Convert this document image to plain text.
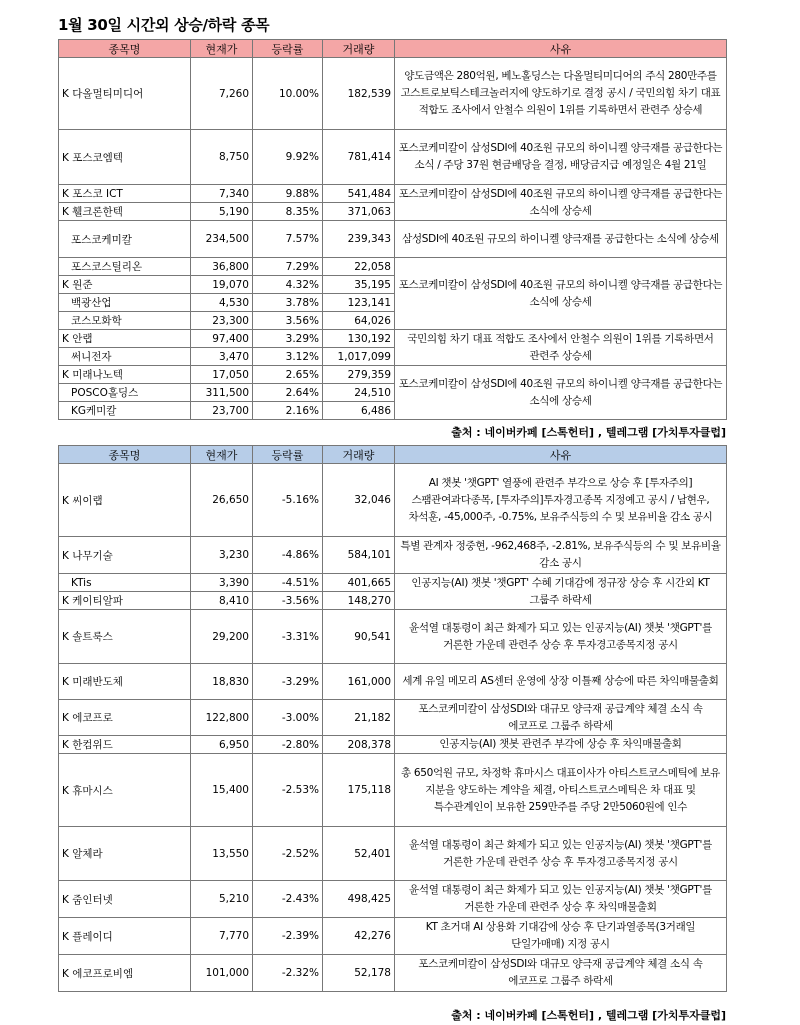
1월 30일 시간외 상승/하락 종목
종목명	현재가	등락률	거래량	사유
K 다올멀티미디어	7,260	10.00%	182,539	양도금액은 280억원, 베노홀딩스는 다올멀티미디어의 주식 280만주를 고스트로보틱스테크놀러지에 양도하기로 결정 공시 / 국민의힘 차기 대표 적합도 조사에서 안철수 의원이 1위를 기록하면서 관련주 상승세
K 포스코엠텍	8,750	9.92%	781,414	포스코케미칼이 삼성SDI에 40조원 규모의 하이니켈 양극재를 공급한다는 소식 / 주당 37원 현금배당을 결정, 배당금지급 예정일은 4월 21일
K 포스코 ICT	7,340	9.88%	541,484	포스코케미칼이 삼성SDI에 40조원 규모의 하이니켈 양극재를 공급한다는 소식에 상승세
K 휄크론한텍	5,190	8.35%	371,063	
포스코케미칼	234,500	7.57%	239,343	삼성SDI에 40조원 규모의 하이니켈 양극재를 공급한다는 소식에 상승세
포스코스틸리온	36,800	7.29%	22,058	포스코케미칼이 삼성SDI에 40조원 규모의 하이니켈 양극재를 공급한다는 소식에 상승세
K 원준	19,070	4.32%	35,195	
백광산업	4,530	3.78%	123,141	
코스모화학	23,300	3.56%	64,026	
K 안랩	97,400	3.29%	130,192	국민의힘 차기 대표 적합도 조사에서 안철수 의원이 1위를 기록하면서 관련주 상승세
써니전자	3,470	3.12%	1,017,099	
K 미래나노텍	17,050	2.65%	279,359	포스코케미칼이 삼성SDI에 40조원 규모의 하이니켈 양극재를 공급한다는 소식에 상승세
POSCO홀딩스	311,500	2.64%	24,510	
KG케미칼	23,700	2.16%	6,486	
출처 : 네이버카페 [스톡헌터] , 텔레그램 [가치투자클럽]
종목명	현재가	등락률	거래량	사유
K 씨이랩	26,650	-5.16%	32,046	AI 챗봇 '챗GPT' 열풍에 관련주 부각으로 상승 후 [투자주의] 스팸관여과다종목, [투자주의]투자경고종목 지정예고 공시 / 남현우, 차석훈, -45,000주, -0.75%, 보유주식등의 수 및 보유비율 감소 공시
K 나무기술	3,230	-4.86%	584,101	특별 관계자 정중현, -962,468주, -2.81%, 보유주식등의 수 및 보유비율 감소 공시
KTis	3,390	-4.51%	401,665	인공지능(AI) 챗봇 '챗GPT' 수혜 기대감에 정규장 상승 후 시간외 KT 그룹주 하락세
K 케이티알파	8,410	-3.56%	148,270	
K 솔트룩스	29,200	-3.31%	90,541	윤석열 대통령이 최근 화제가 되고 있는 인공지능(AI) 챗봇 '챗GPT'를 거론한 가운데 관련주 상승 후 투자경고종목지정 공시
K 미래반도체	18,830	-3.29%	161,000	세계 유일 메모리 AS센터 운영에 상장 이틀째 상승에 따른 차익매물출회
K 에코프로	122,800	-3.00%	21,182	포스코케미칼이 삼성SDI와 대규모 양극재 공급계약 체결 소식 속 에코프로 그룹주 하락세
K 한컴위드	6,950	-2.80%	208,378	인공지능(AI) 챗봇 관련주 부각에 상승 후 차익매물출회
K 휴마시스	15,400	-2.53%	175,118	총 650억원 규모, 차정학 휴마시스 대표이사가 아티스트코스메틱에 보유 지분을 양도하는 계약을 체결, 아티스트코스메틱은 차 대표 및 특수관계인이 보유한 259만주를 주당 2만5060원에 인수
K 알체라	13,550	-2.52%	52,401	윤석열 대통령이 최근 화제가 되고 있는 인공지능(AI) 챗봇 '챗GPT'를 거론한 가운데 관련주 상승 후 투자경고종목지정 공시
K 줌인터넷	5,210	-2.43%	498,425	윤석열 대통령이 최근 화제가 되고 있는 인공지능(AI) 챗봇 '챗GPT'를 거론한 가운데 관련주 상승 후 차익매물출회
K 플레이디	7,770	-2.39%	42,276	KT 초거대 AI 상용화 기대감에 상승 후 단기과열종목(3거래일 단일가매매) 지정 공시
K 에코프로비엠	101,000	-2.32%	52,178	포스코케미칼이 삼성SDI와 대규모 양극재 공급계약 체결 소식 속 에코프로 그룹주 하락세
출처 : 네이버카페 [스톡헌터] , 텔레그램 [가치투자클럽]
